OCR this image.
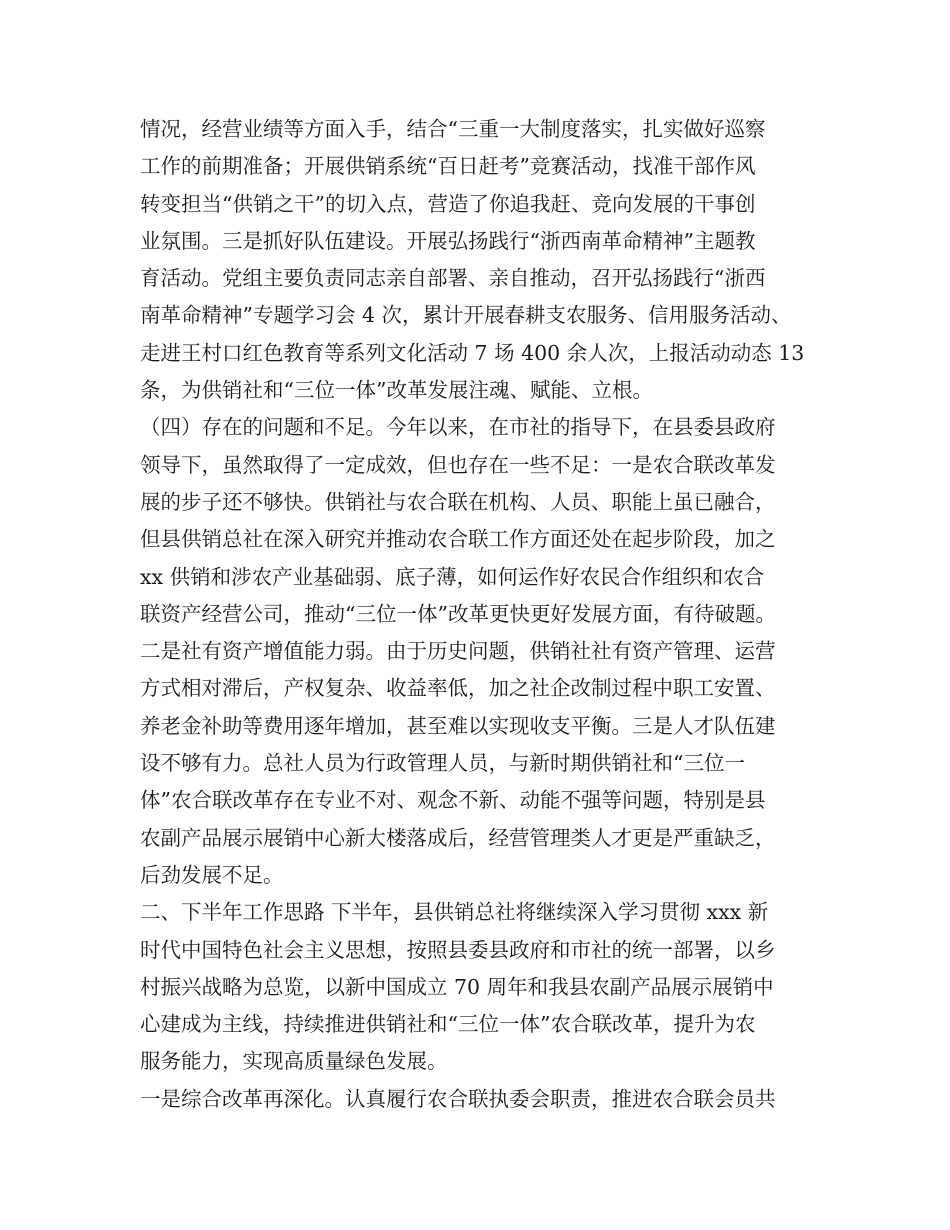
情况，经营业绩等方面入手，结合“三重一大制度落实，扎实做好巡察
工作的前期准备；开展供销系统“百日赶考”竞赛活动，找准干部作风
转变担当“供销之干”的切入点，营造了你追我赶、竞向发展的干事创
业氛围。三是抓好队伍建设。开展弘扬践行“浙西南革命精神”主题教
育活动。党组主要负责同志亲自部署、亲自推动，召开弘扬践行“浙西
南革命精神”专题学习会 4 次，累计开展春耕支农服务、信用服务活动、
走进王村口红色教育等系列文化活动 7 场 400 余人次，上报活动动态 13
条，为供销社和“三位一体”改革发展注魂、赋能、立根。
（四）存在的问题和不足。今年以来，在市社的指导下，在县委县政府
领导下，虽然取得了一定成效，但也存在一些不足：一是农合联改革发
展的步子还不够快。供销社与农合联在机构、人员、职能上虽已融合，
但县供销总社在深入研究并推动农合联工作方面还处在起步阶段，加之
xx 供销和涉农产业基础弱、底子薄，如何运作好农民合作组织和农合
联资产经营公司，推动“三位一体”改革更快更好发展方面，有待破题。
二是社有资产增值能力弱。由于历史问题，供销社社有资产管理、运营
方式相对滞后，产权复杂、收益率低，加之社企改制过程中职工安置、
养老金补助等费用逐年增加，甚至难以实现收支平衡。三是人才队伍建
设不够有力。总社人员为行政管理人员，与新时期供销社和“三位一
体”农合联改革存在专业不对、观念不新、动能不强等问题，特别是县
农副产品展示展销中心新大楼落成后，经营管理类人才更是严重缺乏，
后劲发展不足。
二、下半年工作思路 下半年，县供销总社将继续深入学习贯彻 xxx 新
时代中国特色社会主义思想，按照县委县政府和市社的统一部署，以乡
村振兴战略为总览，以新中国成立 70 周年和我县农副产品展示展销中
心建成为主线，持续推进供销社和“三位一体”农合联改革，提升为农
服务能力，实现高质量绿色发展。
一是综合改革再深化。认真履行农合联执委会职责，推进农合联会员共
